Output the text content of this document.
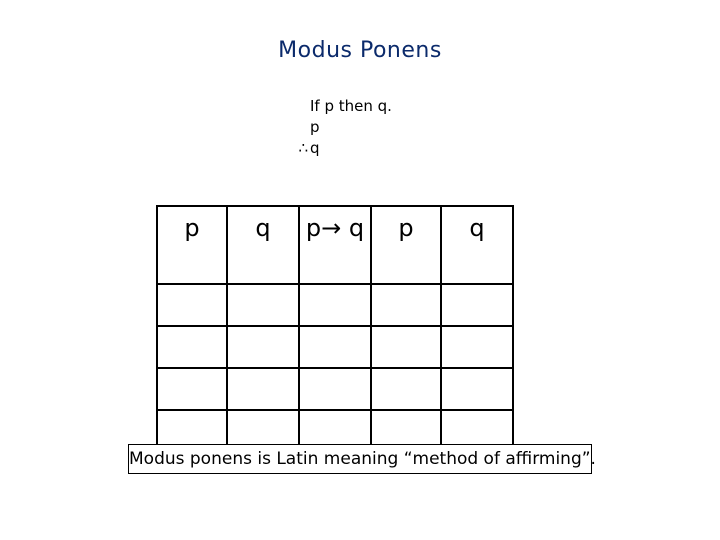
Modus Ponens
If p then q.
p
∴ q
p	q	p→ q	p	q

Modus ponens is Latin meaning “method of affirming”.
